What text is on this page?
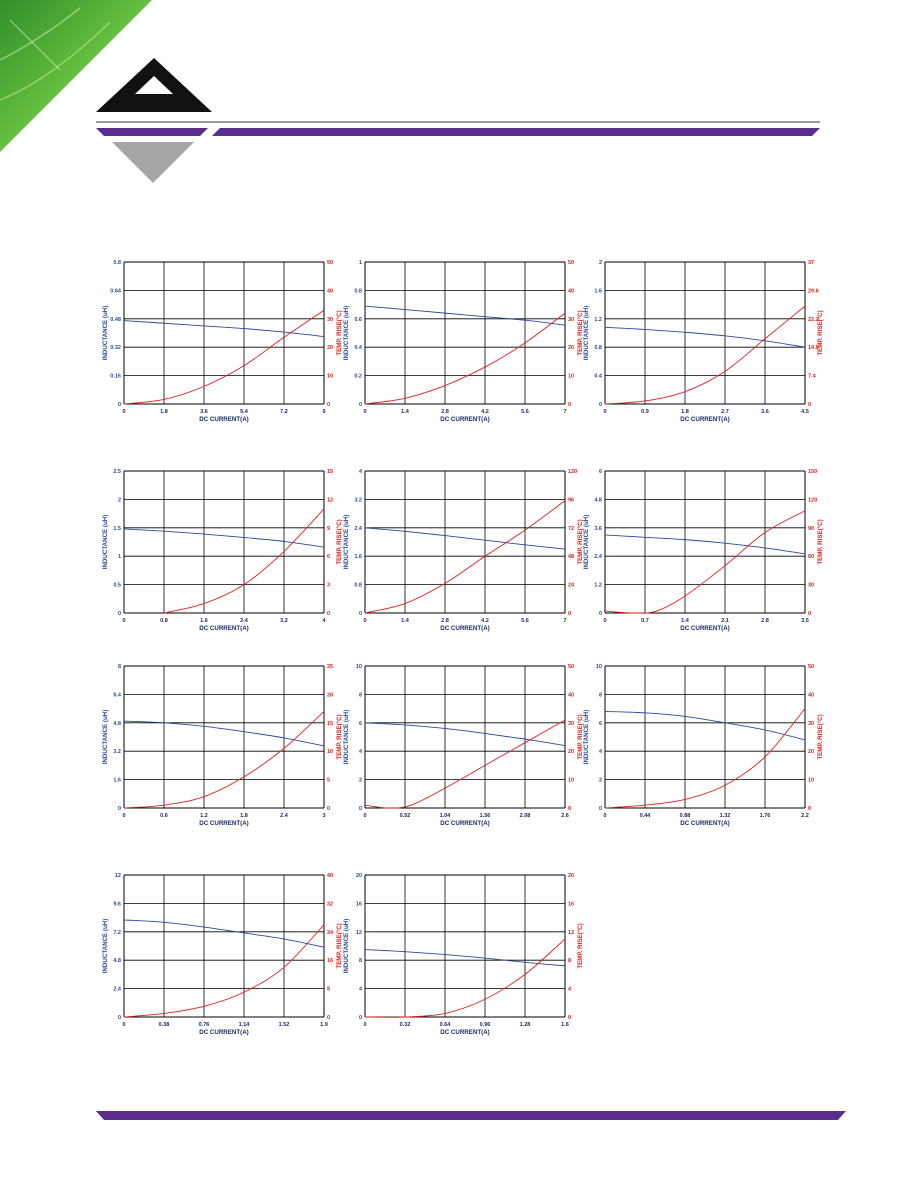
0	1.8	3.6	5.4	7.2	9
0
0.16
0.32
0.48
0.64
0.8
0
10
20
30
40
50
DC CURRENT(A)
INDUCTANCE (uH)	TEMP. RISE(°C)
0	1.4	2.8	4.2	5.6	7
0
0.2
0.4
0.6
0.8
1
0
10
20
30
40
50
DC CURRENT(A)
INDUCTANCE (uH)	TEMP. RISE(°C)
0	0.9	1.8	2.7	3.6	4.5
0
0.4
0.8
1.2
1.6
2
0
7.4
14.8
22.2
29.6
37
DC CURRENT(A)
INDUCTANCE (uH)	TEMP. RISE(°C)
0	0.8	1.6	2.4	3.2	4
0
0.5
1
1.5
2
2.5
0
3
6
9
12
15
DC CURRENT(A)
INDUCTANCE (uH)	TEMP. RISE(°C)
0	1.4	2.8	4.2	5.6	7
0
0.8
1.6
2.4
3.2
4
0
24
48
72
96
120
DC CURRENT(A)
INDUCTANCE (uH)	TEMP. RISE(°C)
0	0.7	1.4	2.1	2.8	3.5
0
1.2
2.4
3.6
4.8
6
0
30
60
90
120
150
DC CURRENT(A)
INDUCTANCE (uH)	TEMP. RISE(°C)
0	0.6	1.2	1.8	2.4	3
0
1.6
3.2
4.8
6.4
8
0
5
10
15
20
25
DC CURRENT(A)
INDUCTANCE (uH)	TEMP. RISE(°C)
0	0.52	1.04	1.56	2.08	2.6
0
2
4
6
8
10
0
10
20
30
40
50
DC CURRENT(A)
INDUCTANCE (uH)	TEMP. RISE(°C)
0	0.44	0.88	1.32	1.76	2.2
0
2
4
6
8
10
0
10
20
30
40
50
DC CURRENT(A)
INDUCTANCE (uH)	TEMP. RISE(°C)
0	0.38	0.76	1.14	1.52	1.9
0
2.4
4.8
7.2
9.6
12
0
8
16
24
32
40
DC CURRENT(A)
INDUCTANCE (uH)	TEMP. RISE(°C)
0	0.32	0.64	0.96	1.28	1.6
0
4
8
12
16
20
0
4
8
12
16
20
DC CURRENT(A)
INDUCTANCE (uH)	TEMP. RISE(°C)
